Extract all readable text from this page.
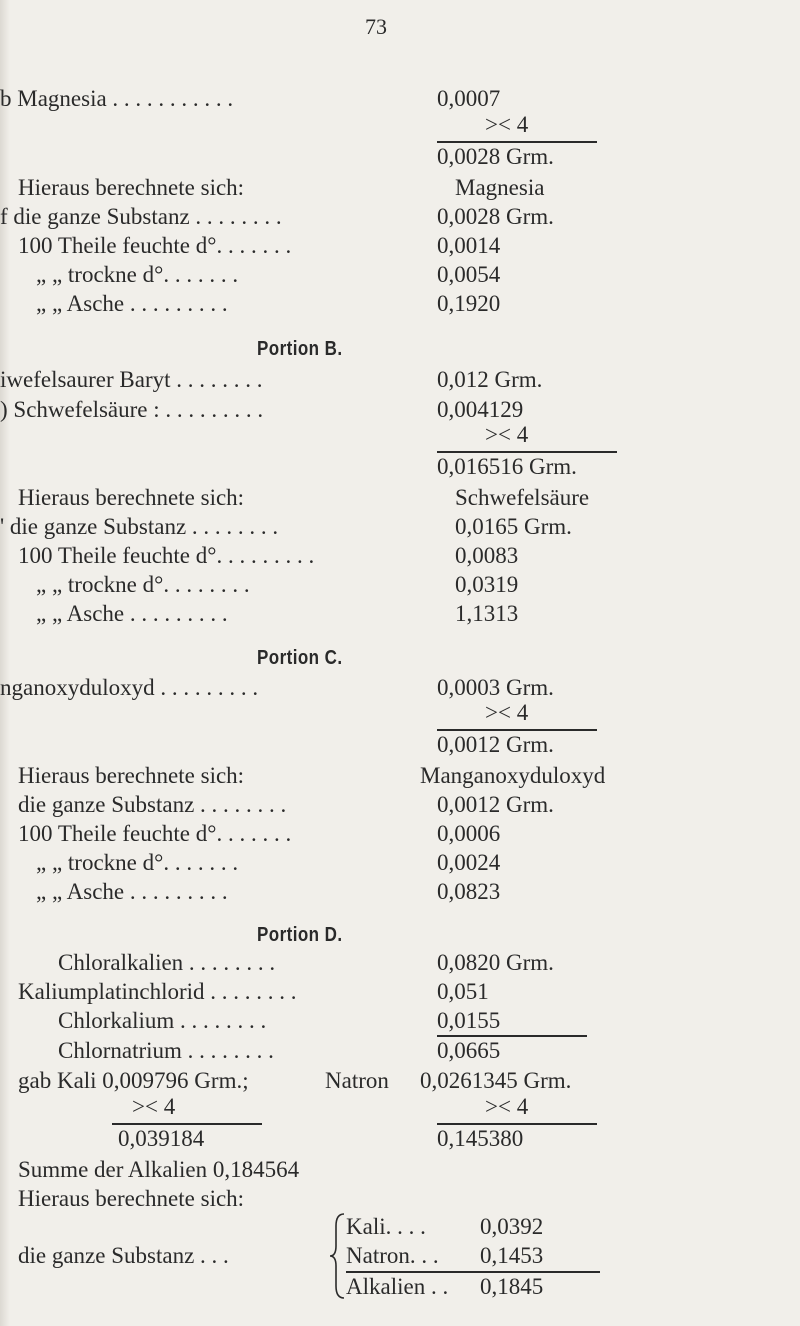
73
b Magnesia . . . . . . . . . . .	0,0007
>< 4
0,0028 Grm.
Hieraus berechnete sich:	Magnesia
f die ganze Substanz . . . . . . . .	0,0028 Grm.
100 Theile feuchte d°. . . . . . .	0,0014
„ „ trockne d°. . . . . . .	0,0054
„ „ Asche . . . . . . . . .	0,1920
Portion B.
iwefelsaurer Baryt . . . . . . . .	0,012 Grm.
) Schwefelsäure : . . . . . . . . .	0,004129
>< 4
0,016516 Grm.
Hieraus berechnete sich:	Schwefelsäure
' die ganze Substanz . . . . . . . .	0,0165 Grm.
100 Theile feuchte d°. . . . . . . . .	0,0083
„ „ trockne d°. . . . . . . .	0,0319
„ „ Asche . . . . . . . . .	1,1313
Portion C.
nganoxyduloxyd . . . . . . . . .	0,0003 Grm.
>< 4
0,0012 Grm.
Hieraus berechnete sich:	Manganoxyduloxyd
die ganze Substanz . . . . . . . .	0,0012 Grm.
100 Theile feuchte d°. . . . . . .	0,0006
„ „ trockne d°. . . . . . .	0,0024
„ „ Asche . . . . . . . . .	0,0823
Portion D.
Chloralkalien . . . . . . . .	0,0820 Grm.
Kaliumplatinchlorid . . . . . . . .	0,051
Chlorkalium . . . . . . . .	0,0155
Chlornatrium . . . . . . . .	0,0665
gab Kali 0,009796 Grm.;	Natron 0,0261345 Grm.
>< 4	>< 4
0,039184	0,145380
Summe der Alkalien 0,184564
Hieraus berechnete sich:
die ganze Substanz . . .
Kali. . . . 0,0392
Natron. . . 0,1453
Alkalien . . 0,1845
